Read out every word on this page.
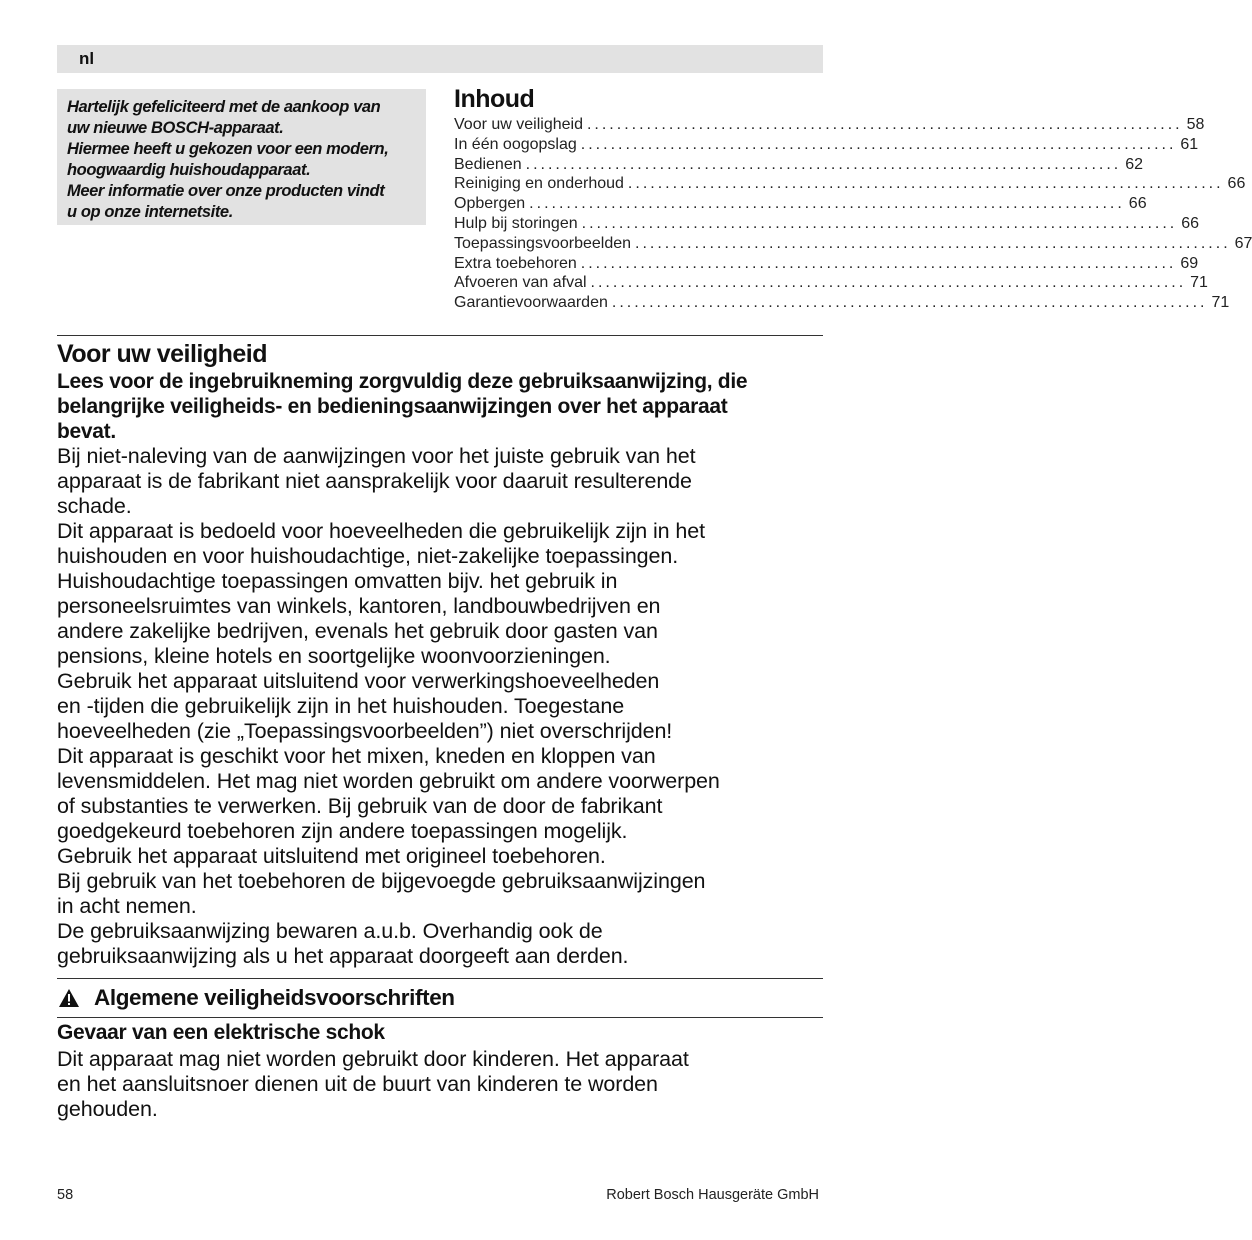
nl

Hartelijk gefeliciteerd met de aankoop van

uw nieuwe BOSCH-apparaat.

Hiermee heeft u gekozen voor een modern,

hoogwaardig huishoudapparaat.

Meer informatie over onze producten vindt

u op onze internetsite.

Inhoud
Voor uw veiligheid ................................................................................ 58
In één oogopslag ................................................................................ 61
Bedienen ................................................................................ 62
Reiniging en onderhoud ................................................................................ 66
Opbergen ................................................................................ 66
Hulp bij storingen ................................................................................ 66
Toepassingsvoorbeelden ................................................................................ 67
Extra toebehoren ................................................................................ 69
Afvoeren van afval ................................................................................ 71
Garantievoorwaarden ................................................................................ 71
Voor uw veiligheid

Lees voor de ingebruikneming zorgvuldig deze gebruiksaanwijzing, die

belangrijke veiligheids- en bedieningsaanwijzingen over het apparaat

bevat.

Bij niet-naleving van de aanwijzingen voor het juiste gebruik van het

apparaat is de fabrikant niet aansprakelijk voor daaruit resulterende

schade.

Dit apparaat is bedoeld voor hoeveelheden die gebruikelijk zijn in het

huishouden en voor huishoudachtige, niet-zakelijke toepassingen.

Huishoudachtige toepassingen omvatten bijv. het gebruik in

personeelsruimtes van winkels, kantoren, landbouwbedrijven en

andere zakelijke bedrijven, evenals het gebruik door gasten van

pensions, kleine hotels en soortgelijke woonvoorzieningen.

Gebruik het apparaat uitsluitend voor verwerkingshoeveelheden

en -tijden die gebruikelijk zijn in het huishouden. Toegestane

hoeveelheden (zie „Toepassingsvoorbeelden”) niet overschrijden!

Dit apparaat is geschikt voor het mixen, kneden en kloppen van

levensmiddelen. Het mag niet worden gebruikt om andere voorwerpen

of substanties te verwerken. Bij gebruik van de door de fabrikant

goedgekeurd toebehoren zijn andere toepassingen mogelijk.

Gebruik het apparaat uitsluitend met origineel toebehoren.

Bij gebruik van het toebehoren de bijgevoegde gebruiksaanwijzingen

in acht nemen.

De gebruiksaanwijzing bewaren a.u.b. Overhandig ook de

gebruiksaanwijzing als u het apparaat doorgeeft aan derden.

Algemene veiligheidsvoorschriften
Gevaar van een elektrische schok

Dit apparaat mag niet worden gebruikt door kinderen. Het apparaat

en het aansluitsnoer dienen uit de buurt van kinderen te worden

gehouden.

58	Robert Bosch Hausgeräte GmbH
